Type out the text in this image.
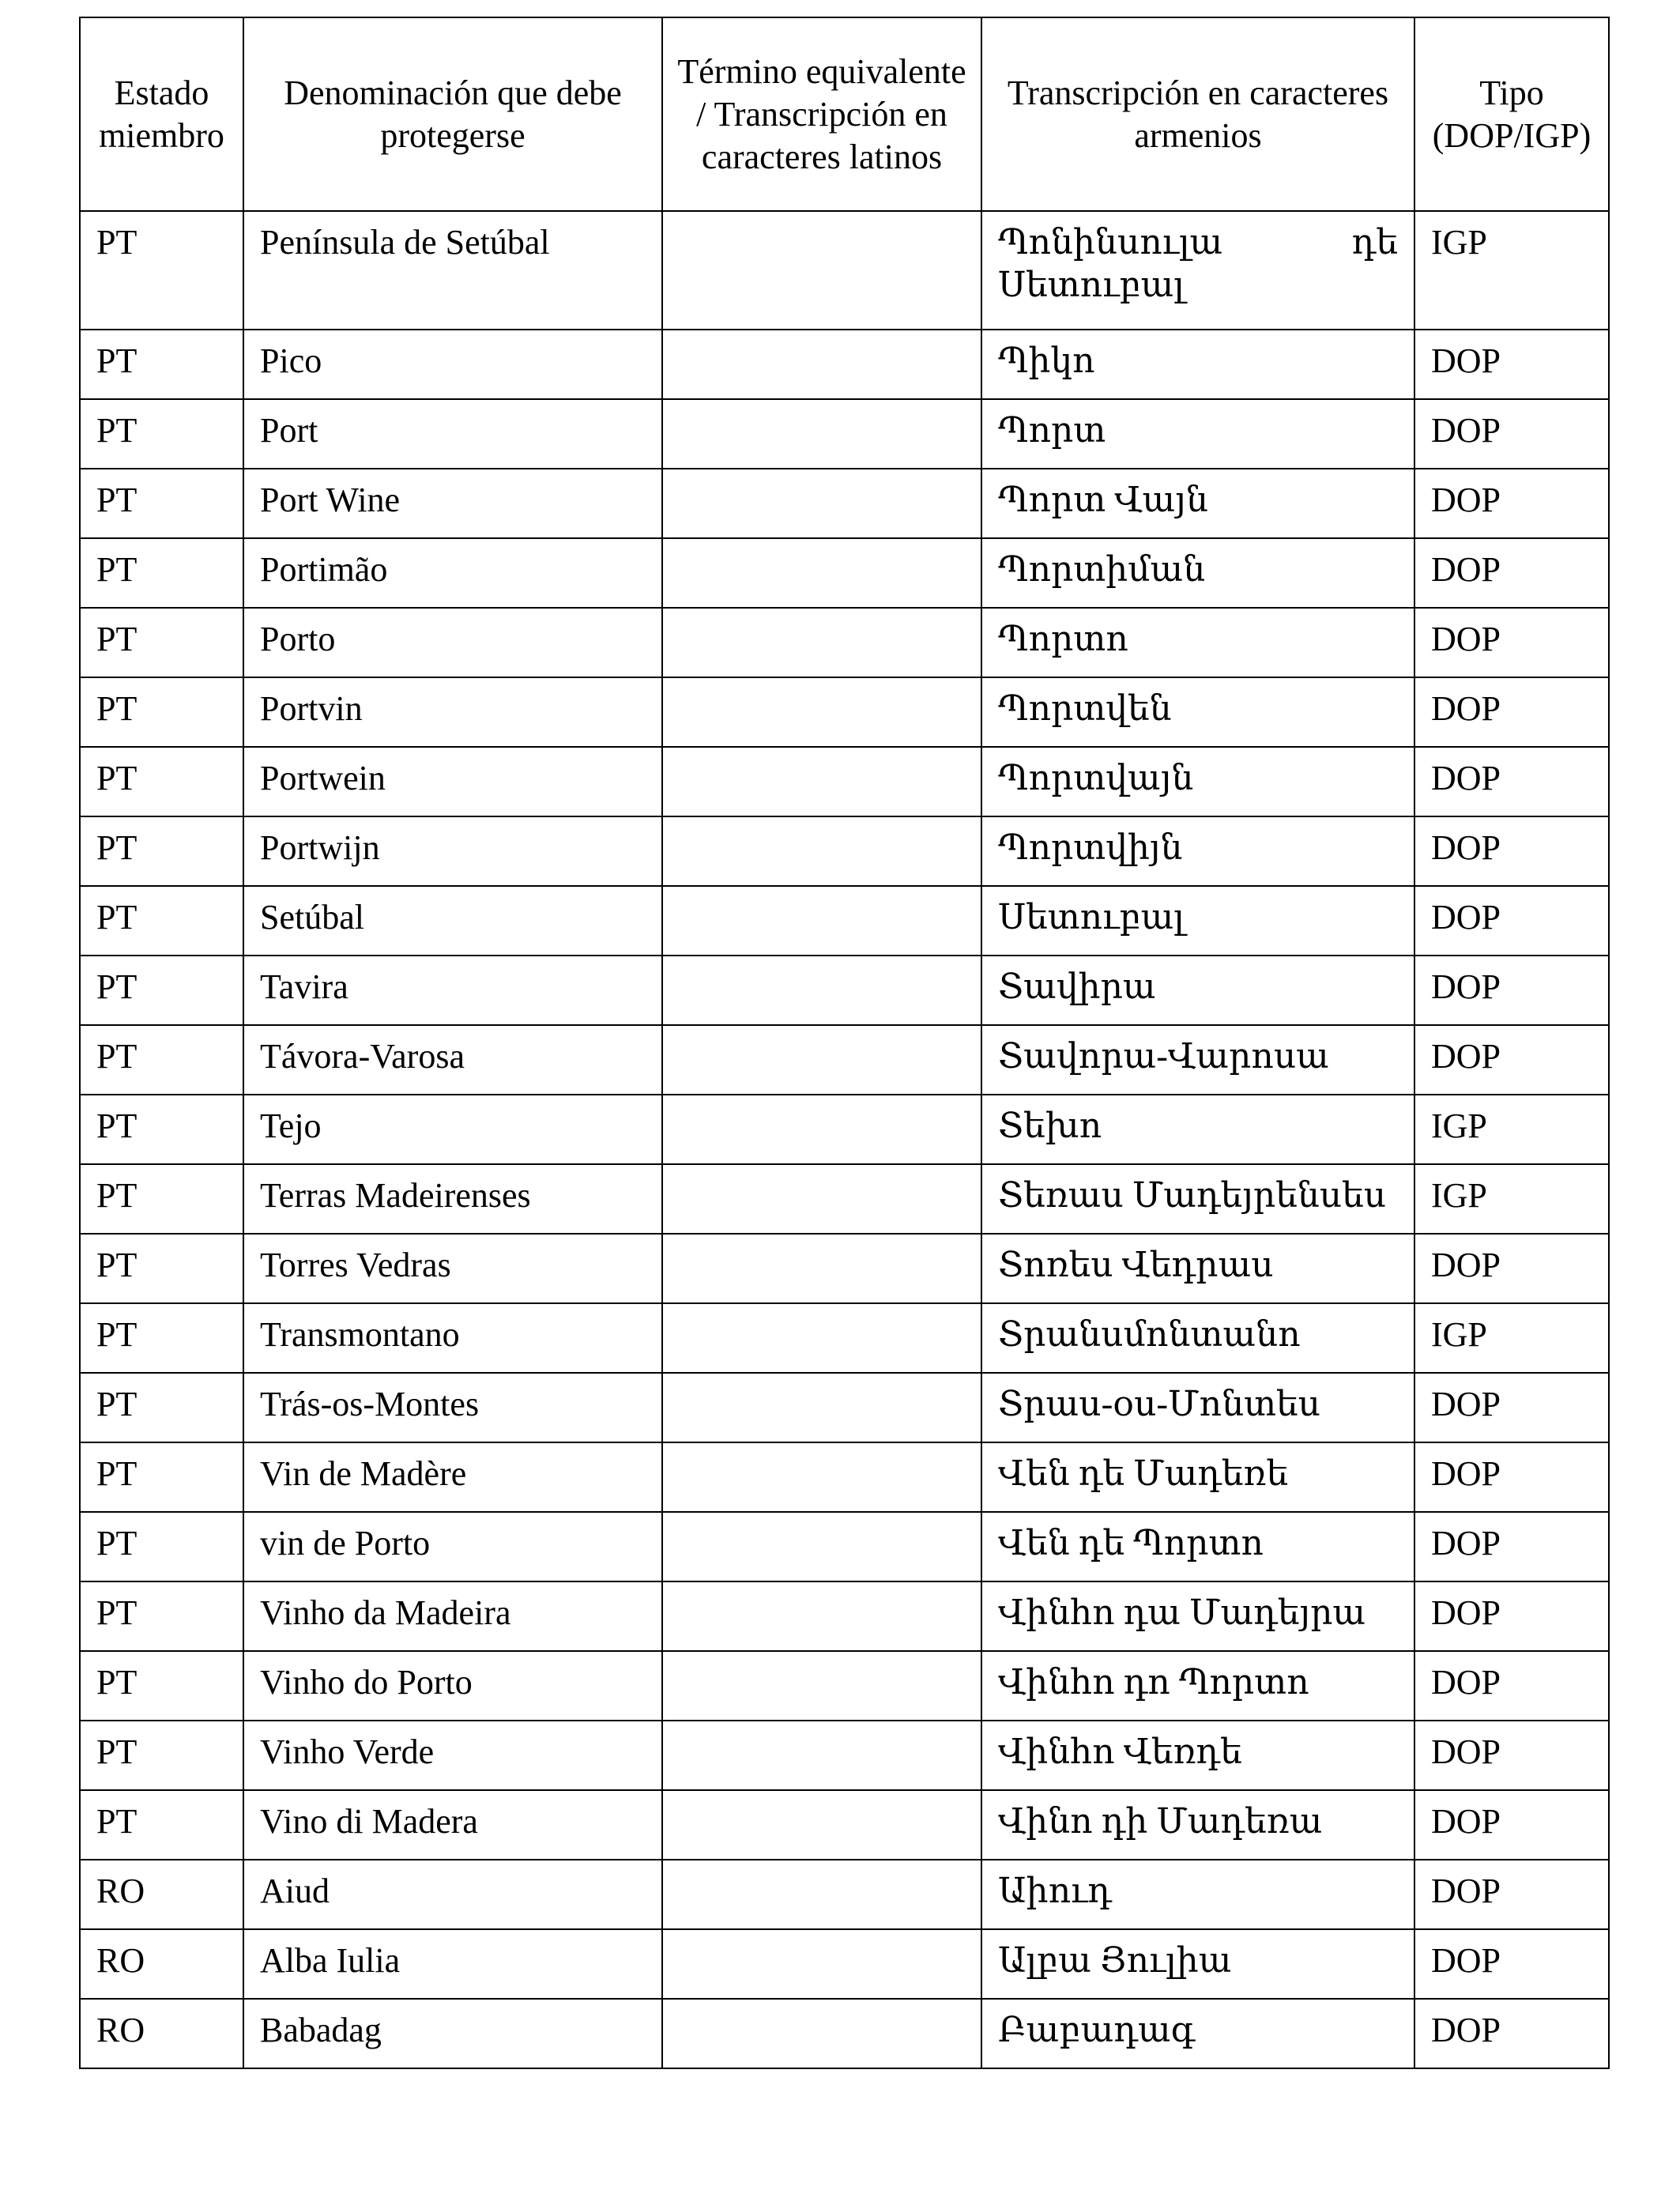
Estado miembro	Denominación que debe protegerse	Término equivalente / Transcripción en caracteres latinos	Transcripción en caracteres armenios	Tipo (DOP/IGP)
PT	Península de Setúbal		Պոնինսուլա դե Սետուբալ	IGP
PT	Pico		Պիկո	DOP
PT	Port		Պորտ	DOP
PT	Port Wine		Պորտ Վայն	DOP
PT	Portimão		Պորտիման	DOP
PT	Porto		Պորտո	DOP
PT	Portvin		Պորտվեն	DOP
PT	Portwein		Պորտվայն	DOP
PT	Portwijn		Պորտվիյն	DOP
PT	Setúbal		Սետուբալ	DOP
PT	Tavira		Տավիրա	DOP
PT	Távora-Varosa		Տավորա-Վարոսա	DOP
PT	Tejo		Տեխո	IGP
PT	Terras Madeirenses		Տեռաս Մադեյրենսես	IGP
PT	Torres Vedras		Տոռես Վեդրաս	DOP
PT	Transmontano		Տրանսմոնտանո	IGP
PT	Trás-os-Montes		Տրաս-օս-Մոնտես	DOP
PT	Vin de Madère		Վեն դե Մադեռե	DOP
PT	vin de Porto		Վեն դե Պորտո	DOP
PT	Vinho da Madeira		Վինհո դա Մադեյրա	DOP
PT	Vinho do Porto		Վինհո դո Պորտո	DOP
PT	Vinho Verde		Վինհո Վեռդե	DOP
PT	Vino di Madera		Վինո դի Մադեռա	DOP
RO	Aiud		Աիուդ	DOP
RO	Alba Iulia		Ալբա Յուլիա	DOP
RO	Babadag		Բաբադագ	DOP
